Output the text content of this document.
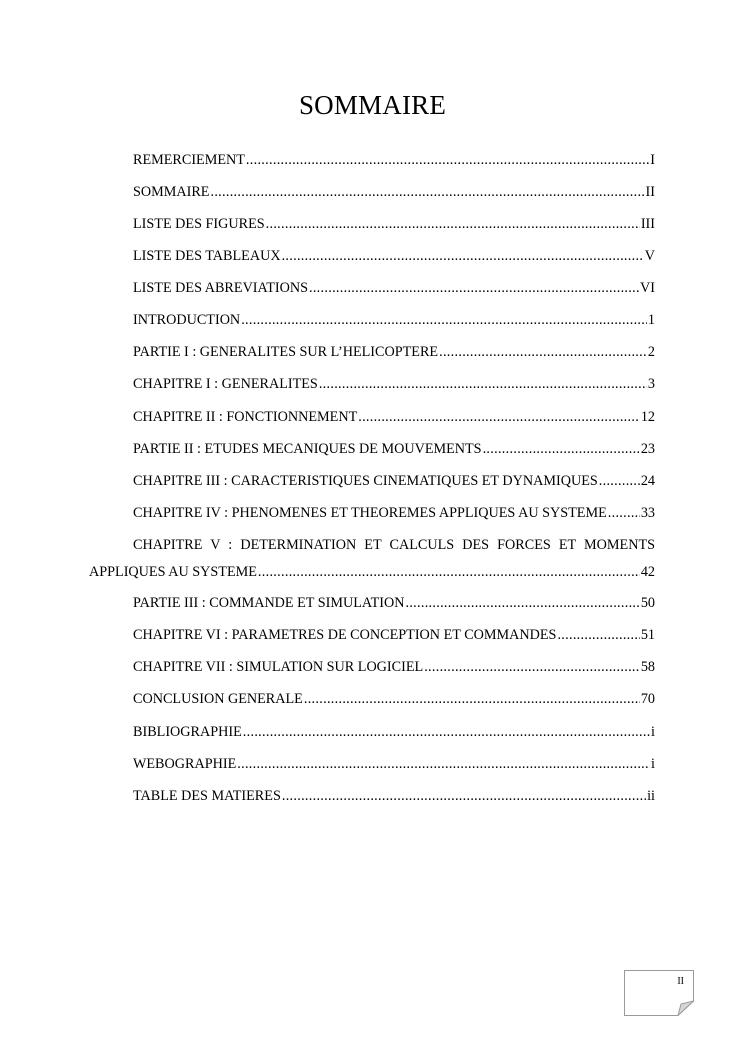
SOMMAIRE
REMERCIEMENT .....	I
SOMMAIRE .....	II
LISTE DES FIGURES .....	III
LISTE DES TABLEAUX .....	V
LISTE DES ABREVIATIONS .....	VI
INTRODUCTION .....	1
PARTIE I : GENERALITES SUR L’HELICOPTERE .....	2
CHAPITRE I : GENERALITES .....	3
CHAPITRE II : FONCTIONNEMENT .....	12
PARTIE II : ETUDES MECANIQUES DE MOUVEMENTS .....	23
CHAPITRE III : CARACTERISTIQUES CINEMATIQUES ET DYNAMIQUES .....	24
CHAPITRE IV : PHENOMENES ET THEOREMES APPLIQUES AU SYSTEME ..... 33
CHAPITRE V : DETERMINATION ET CALCULS DES FORCES ET MOMENTS
APPLIQUES AU SYSTEME .....	42
PARTIE III : COMMANDE ET SIMULATION .....	50
CHAPITRE VI : PARAMETRES DE CONCEPTION ET COMMANDES .....	51
CHAPITRE VII : SIMULATION SUR LOGICIEL .....	58
CONCLUSION GENERALE .....	70
BIBLIOGRAPHIE .....	i
WEBOGRAPHIE .....	i
TABLE DES MATIERES .....	ii
II
